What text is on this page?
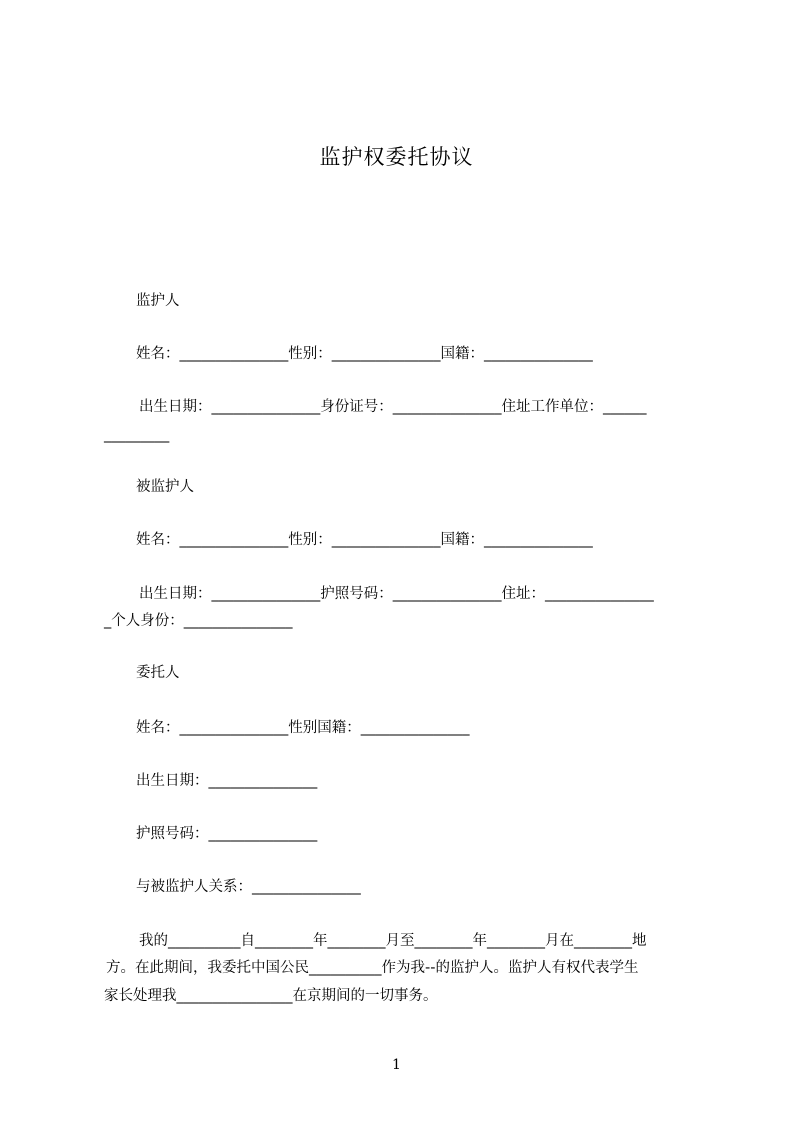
监护权委托协议
监护人
姓名：_______________性别：_______________国籍：_______________
出生日期：_______________身份证号：_______________住址工作单位：______
_________
被监护人
姓名：_______________性别：_______________国籍：_______________
出生日期：_______________护照号码：_______________住址：_______________
_个人身份：_______________
委托人
姓名：_______________性别国籍：_______________
出生日期：_______________
护照号码：_______________
与被监护人关系：_______________
我的__________自________年________月至________年________月在________地
方。在此期间，我委托中国公民__________作为我--的监护人。监护人有权代表学生
家长处理我________________在京期间的一切事务。
1
